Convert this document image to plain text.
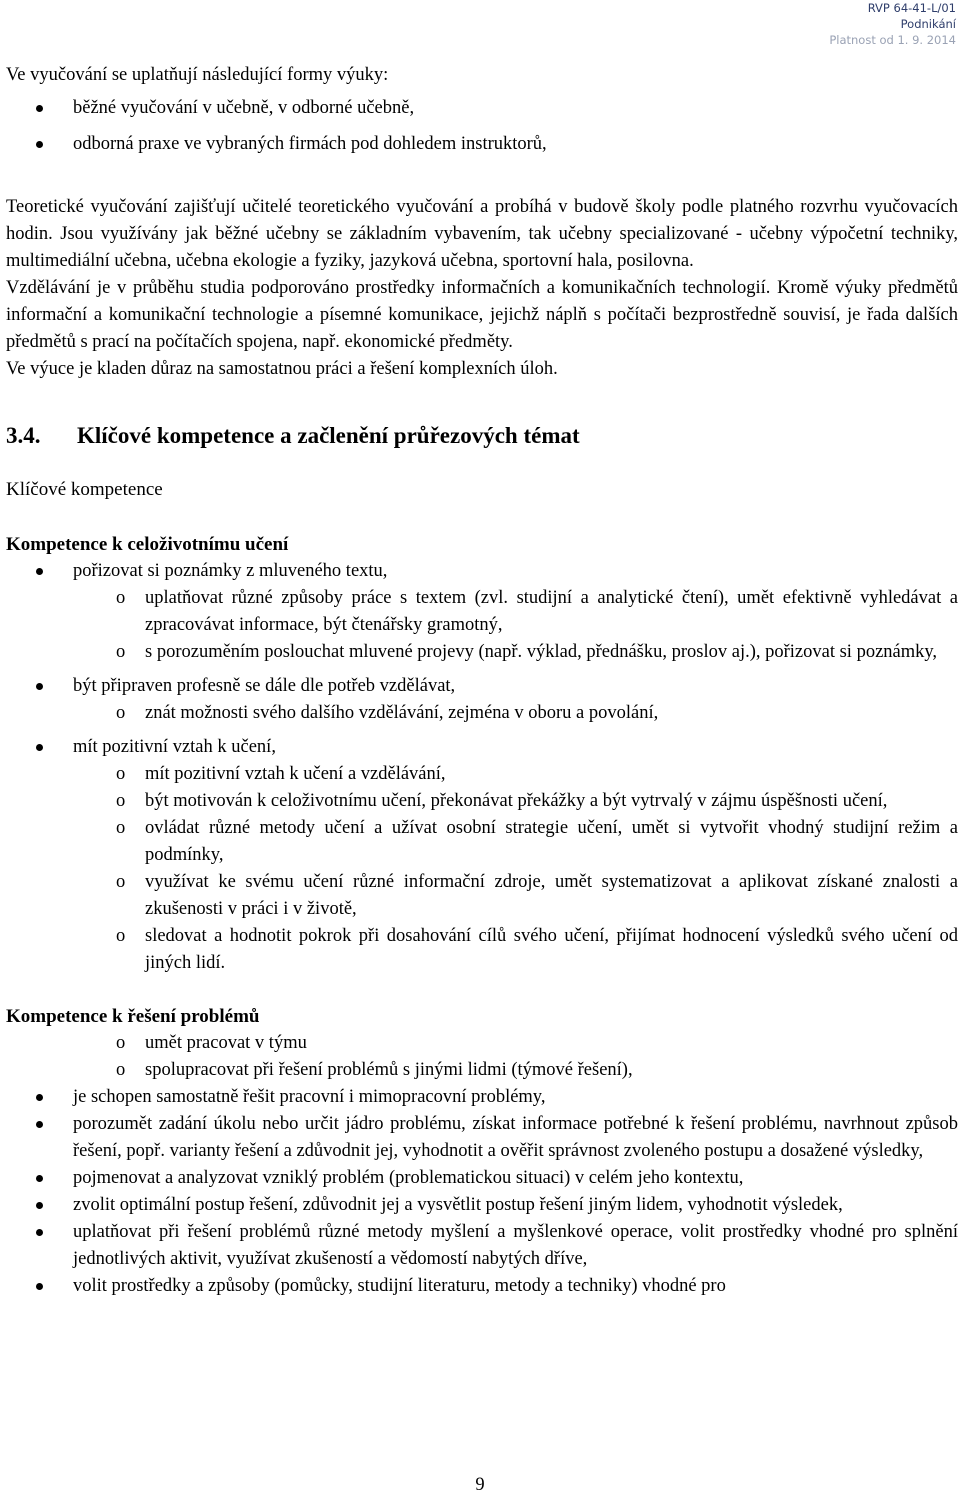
RVP 64-41-L/01
Podnikání
Platnost od 1. 9. 2014

Ve vyučování se uplatňují následující formy výuky:

běžné vyučování v učebně, v odborné učebně,
odborná praxe ve vybraných firmách pod dohledem instruktorů,

Teoretické vyučování zajišťují učitelé teoretického vyučování a probíhá v budově školy podle platného rozvrhu vyučovacích hodin. Jsou využívány jak běžné učebny se základním vybavením, tak učebny specializované - učebny výpočetní techniky, multimediální učebna, učebna ekologie a fyziky, jazyková učebna, sportovní hala, posilovna.

Vzdělávání je v průběhu studia podporováno prostředky informačních a komunikačních technologií. Kromě výuky předmětů informační a komunikační technologie a písemné komunikace, jejichž náplň s počítači bezprostředně souvisí, je řada dalších předmětů s prací na počítačích spojena, např. ekonomické předměty.

Ve výuce je kladen důraz na samostatnou práci a řešení komplexních úloh.

3.4. Klíčové kompetence a začlenění průřezových témat
Klíčové kompetence
Kompetence k celoživotnímu učení
pořizovat si poznámky z mluveného textu,
o uplatňovat různé způsoby práce s textem (zvl. studijní a analytické čtení), umět efektivně vyhledávat a zpracovávat informace, být čtenářsky gramotný,
o s porozuměním poslouchat mluvené projevy (např. výklad, přednášku, proslov aj.), pořizovat si poznámky,
být připraven profesně se dále dle potřeb vzdělávat,
o znát možnosti svého dalšího vzdělávání, zejména v oboru a povolání,
mít pozitivní vztah k učení,
o mít pozitivní vztah k učení a vzdělávání,
o být motivován k celoživotnímu učení, překonávat překážky a být vytrvalý v zájmu úspěšnosti učení,
o ovládat různé metody učení a užívat osobní strategie učení, umět si vytvořit vhodný studijní režim a podmínky,
o využívat ke svému učení různé informační zdroje, umět systematizovat a aplikovat získané znalosti a zkušenosti v práci i v životě,
o sledovat a hodnotit pokrok při dosahování cílů svého učení, přijímat hodnocení výsledků svého učení od jiných lidí.
Kompetence k řešení problémů
o umět pracovat v týmu
o spolupracovat při řešení problémů s jinými lidmi (týmové řešení),
je schopen samostatně řešit pracovní i mimopracovní problémy,
porozumět zadání úkolu nebo určit jádro problému, získat informace potřebné k řešení problému, navrhnout způsob řešení, popř. varianty řešení a zdůvodnit jej, vyhodnotit a ověřit správnost zvoleného postupu a dosažené výsledky,
pojmenovat a analyzovat vzniklý problém (problematickou situaci) v celém jeho kontextu,
zvolit optimální postup řešení, zdůvodnit jej a vysvětlit postup řešení jiným lidem, vyhodnotit výsledek,
uplatňovat při řešení problémů různé metody myšlení a myšlenkové operace, volit prostředky vhodné pro splnění jednotlivých aktivit, využívat zkušeností a vědomostí nabytých dříve,
volit prostředky a způsoby (pomůcky, studijní literaturu, metody a techniky) vhodné pro
9
